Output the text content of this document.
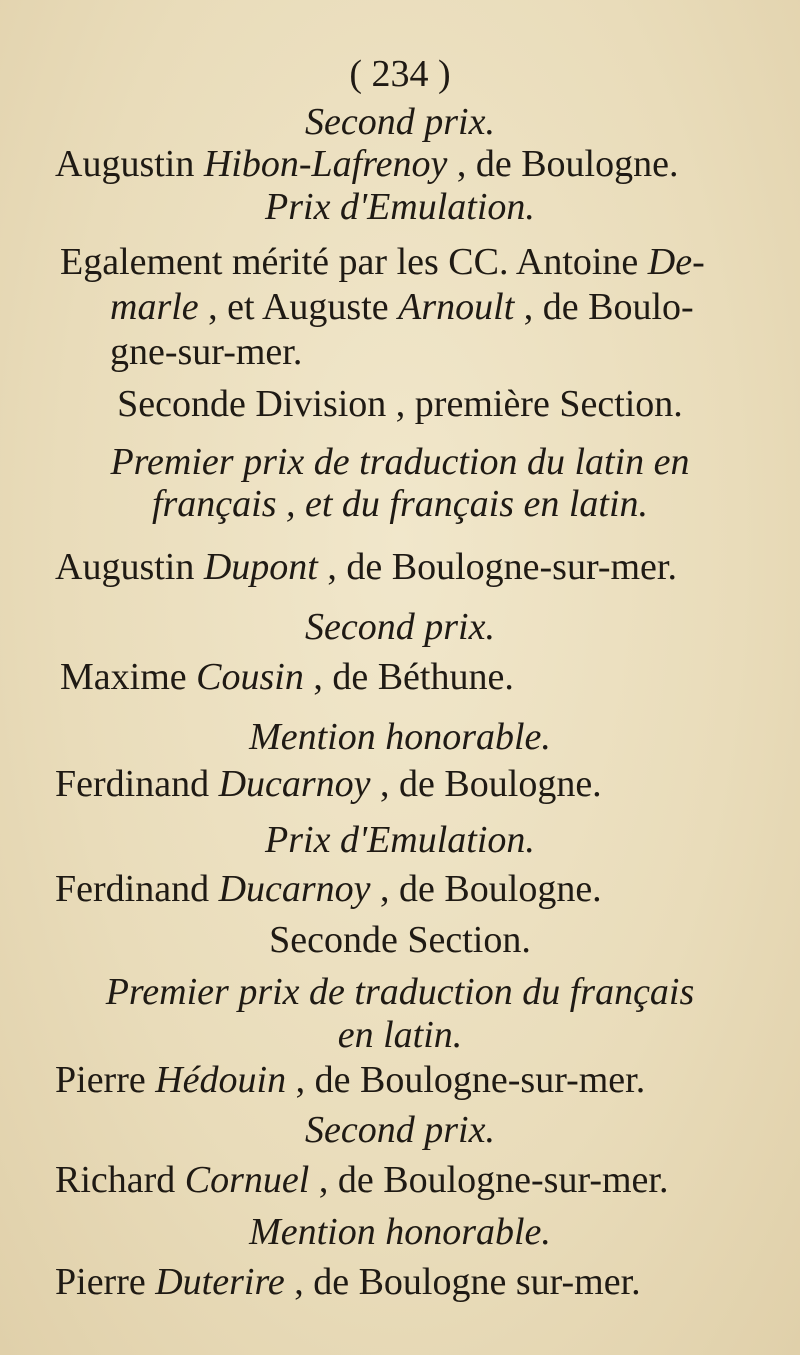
( 234 )
Second prix.
Augustin Hibon-Lafrenoy , de Boulogne.
Prix d'Emulation.
Egalement mérité par les CC. Antoine De-
marle , et Auguste Arnoult , de Boulo-
gne-sur-mer.
Seconde Division , première Section.
Premier prix de traduction du latin en
français , et du français en latin.
Augustin Dupont , de Boulogne-sur-mer.
Second prix.
Maxime Cousin , de Béthune.
Mention honorable.
Ferdinand Ducarnoy , de Boulogne.
Prix d'Emulation.
Ferdinand Ducarnoy , de Boulogne.
Seconde Section.
Premier prix de traduction du français
en latin.
Pierre Hédouin , de Boulogne-sur-mer.
Second prix.
Richard Cornuel , de Boulogne-sur-mer.
Mention honorable.
Pierre Duterire , de Boulogne sur-mer.
